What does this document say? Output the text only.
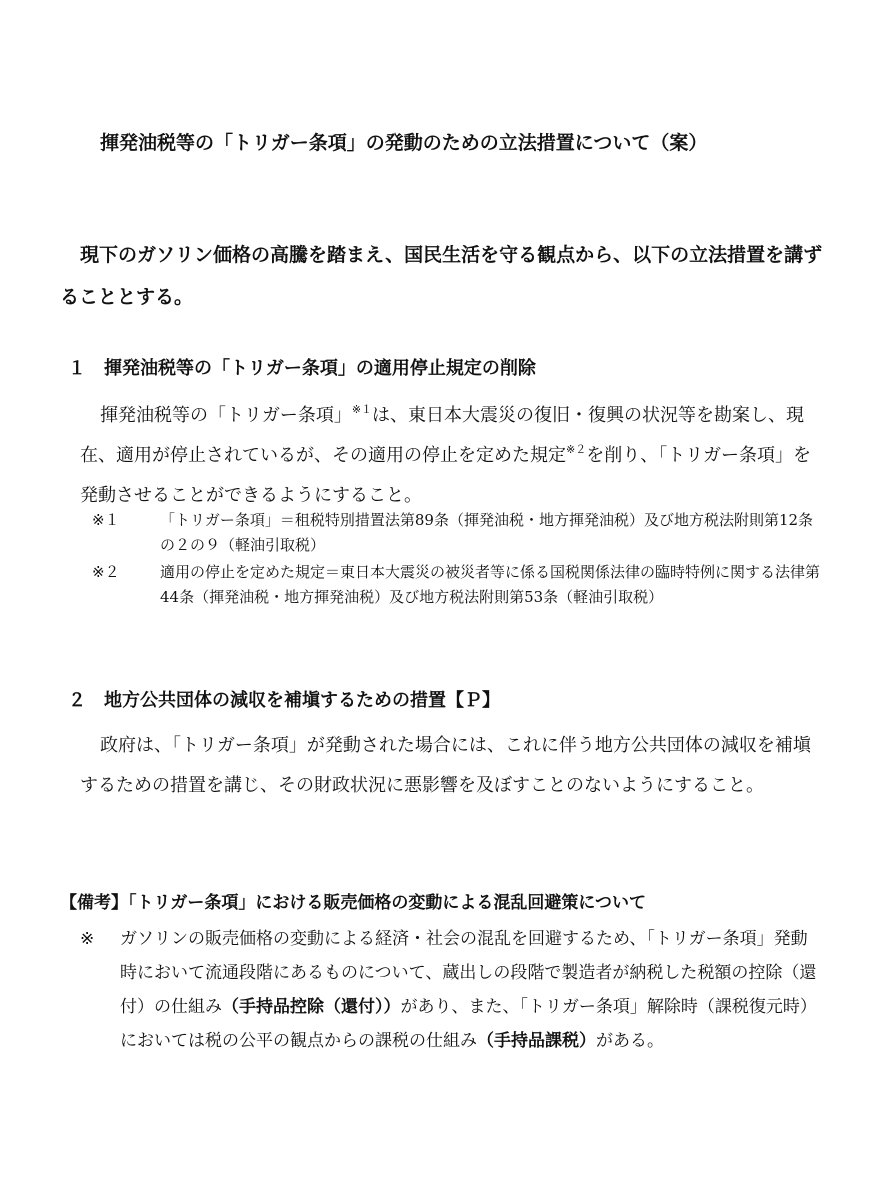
揮発油税等の「トリガー条項」の発動のための立法措置について（案）
現下のガソリン価格の高騰を踏まえ、国民生活を守る観点から、以下の立法措置を講ずることとする。
１　揮発油税等の「トリガー条項」の適用停止規定の削除
揮発油税等の「トリガー条項」$^{※1}$は、東日本大震災の復旧・復興の状況等を勘案し、現在、適用が停止されているが、その適用の停止を定めた規定$^{※2}$を削り、「トリガー条項」を発動させることができるようにすること。
※１	「トリガー条項」＝租税特別措置法第89条（揮発油税・地方揮発油税）及び地方税法附則第12条の２の９（軽油引取税）
※２	適用の停止を定めた規定＝東日本大震災の被災者等に係る国税関係法律の臨時特例に関する法律第44条（揮発油税・地方揮発油税）及び地方税法附則第53条（軽油引取税）
２　地方公共団体の減収を補塡するための措置【Ｐ】
政府は、「トリガー条項」が発動された場合には、これに伴う地方公共団体の減収を補塡するための措置を講じ、その財政状況に悪影響を及ぼすことのないようにすること。
【備考】「トリガー条項」における販売価格の変動による混乱回避策について
※	ガソリンの販売価格の変動による経済・社会の混乱を回避するため、「トリガー条項」発動時において流通段階にあるものについて、蔵出しの段階で製造者が納税した税額の控除（還付）の仕組み（手持品控除（還付））があり、また、「トリガー条項」解除時（課税復元時）においては税の公平の観点からの課税の仕組み（手持品課税）がある。
